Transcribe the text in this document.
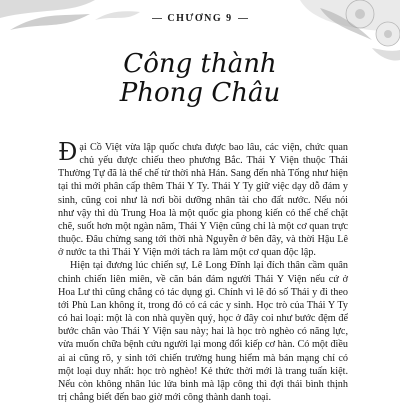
CHƯƠNG 9
Công thành
Phong Châu

Đại Cồ Việt vừa lập quốc chưa được bao lâu, các viện, chức quan chủ yếu được chiếu theo phương Bắc. Thái Y Viện thuộc Thái Thường Tự đã là thể chế từ thời nhà Hán. Sang đến nhà Tống như hiện tại thì mới phân cấp thêm Thái Y Ty. Thái Y Ty giữ việc dạy dỗ đám y sinh, cũng coi như là nơi bồi dưỡng nhân tài cho đất nước. Nếu nói như vậy thì dù Trung Hoa là một quốc gia phong kiến có thể chế chặt chẽ, suốt hơn một ngàn năm, Thái Y Viện cũng chỉ là một cơ quan trực thuộc. Đâu chừng sang tới thời nhà Nguyễn ở bên đây, và thời Hậu Lê ở nước ta thì Thái Y Viện mới tách ra làm một cơ quan độc lập.

Hiện tại đương lúc chiến sự, Lê Long Đĩnh lại đích thân cầm quân chinh chiến liên miên, về căn bản đám người Thái Y Viện nếu cứ ở Hoa Lư thì cũng chẳng có tác dụng gì. Chính vì lẽ đó số Thái y đi theo tới Phù Lan không ít, trong đó có cả các y sinh. Học trò của Thái Y Ty có hai loại: một là con nhà quyền quý, học ở đây coi như bước đệm để bước chân vào Thái Y Viện sau này; hai là học trò nghèo có năng lực, vừa muốn chữa bệnh cứu người lại mong đổi kiếp cơ hàn. Có một điều ai ai cũng rõ, y sinh tới chiến trường hung hiểm mà bán mạng chỉ có một loại duy nhất: học trò nghèo! Kẻ thức thời mới là trang tuấn kiệt. Nếu còn không nhân lúc lửa binh mà lập công thì đợi thái bình thịnh trị chẳng biết đến bao giờ mới công thành danh toại.
